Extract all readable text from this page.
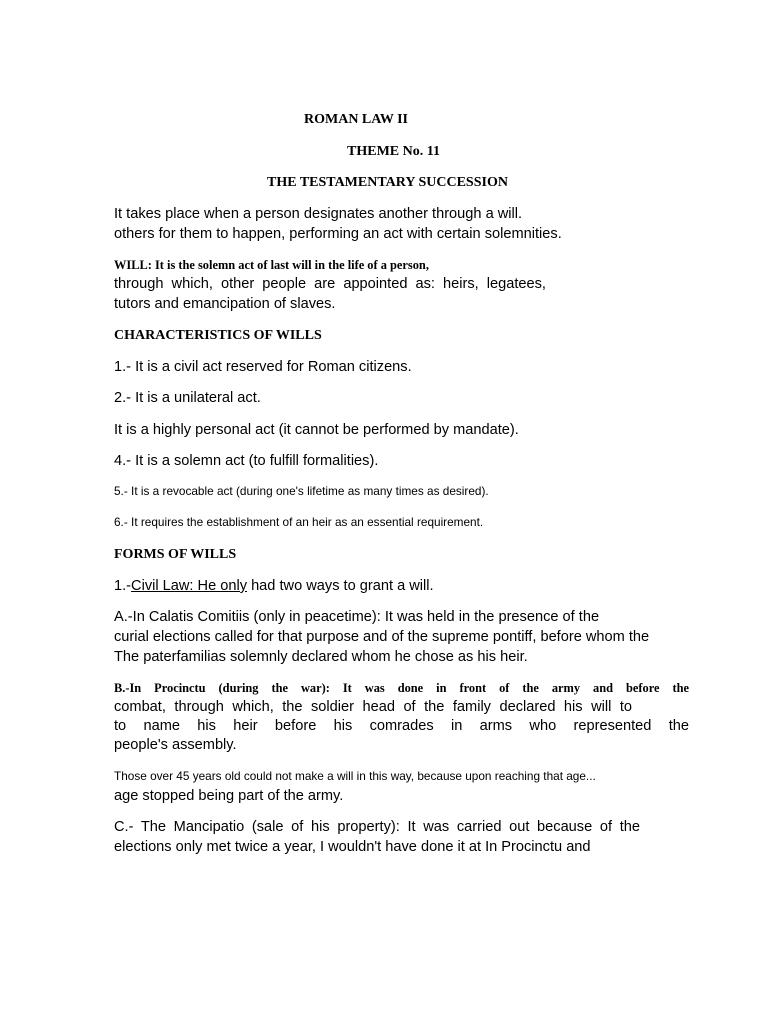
ROMAN LAW II
THEME No. 11
THE TESTAMENTARY SUCCESSION
It takes place when a person designates another through a will.
others for them to happen, performing an act with certain solemnities.
WILL: It is the solemn act of last will in the life of a person,
through which, other people are appointed as: heirs, legatees,
tutors and emancipation of slaves.
CHARACTERISTICS OF WILLS
1.- It is a civil act reserved for Roman citizens.
2.- It is a unilateral act.
It is a highly personal act (it cannot be performed by mandate).
4.- It is a solemn act (to fulfill formalities).
5.- It is a revocable act (during one's lifetime as many times as desired).
6.- It requires the establishment of an heir as an essential requirement.
FORMS OF WILLS
1.-Civil Law: He only had two ways to grant a will.
A.-In Calatis Comitiis (only in peacetime): It was held in the presence of the
curial elections called for that purpose and of the supreme pontiff, before whom the
The paterfamilias solemnly declared whom he chose as his heir.
B.-In Procinctu (during the war): It was done in front of the army and before the
combat, through which, the soldier head of the family declared his will to
to name his heir before his comrades in arms who represented the
people's assembly.
Those over 45 years old could not make a will in this way, because upon reaching that age...
age stopped being part of the army.
C.- The Mancipatio (sale of his property): It was carried out because of the
elections only met twice a year, I wouldn't have done it at In Procinctu and
